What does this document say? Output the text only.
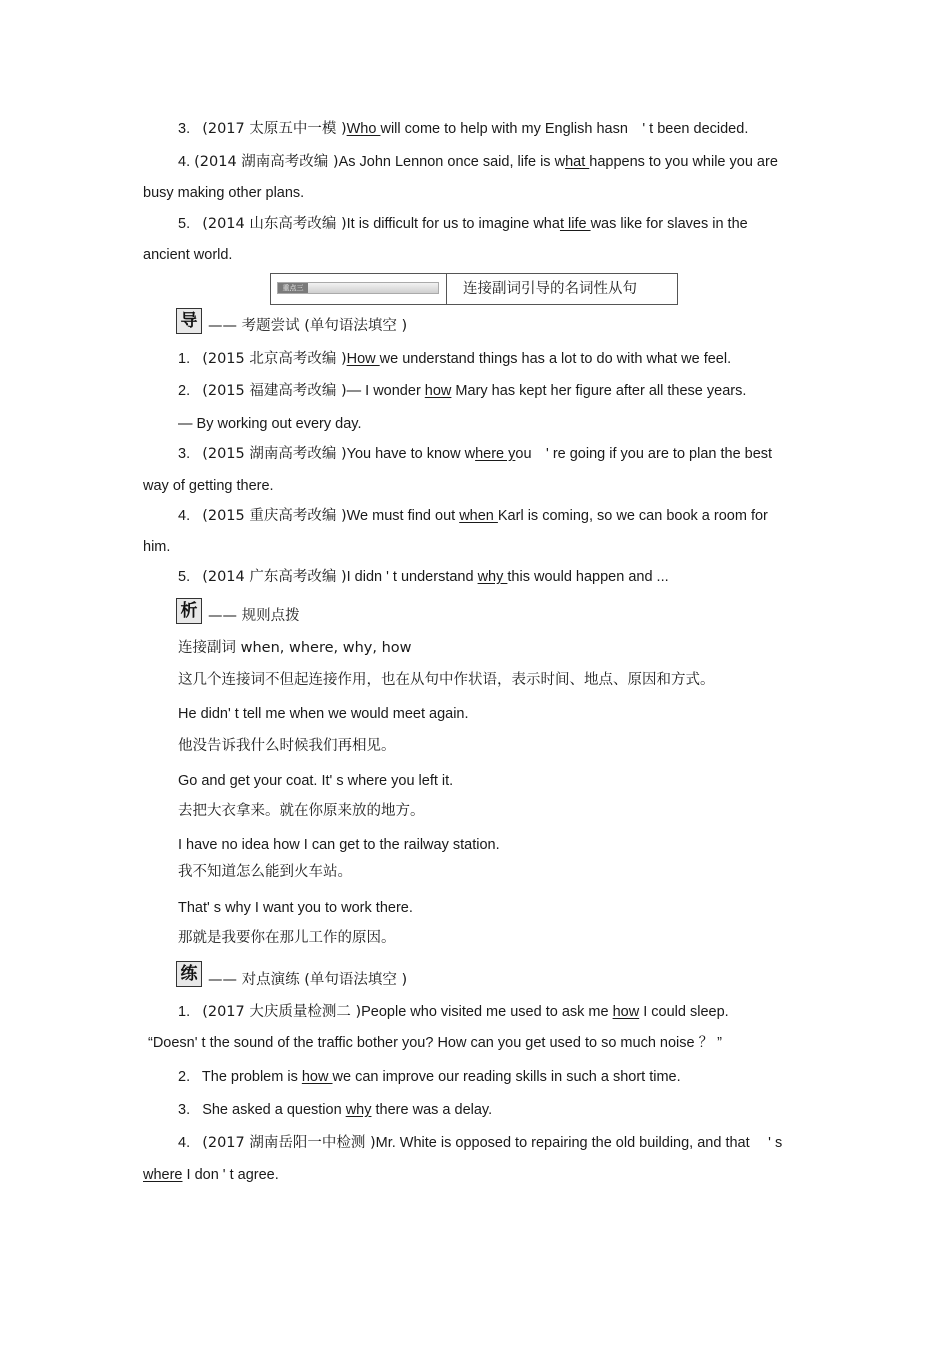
3. (2017 太原五中一模 )Who will come to help with my English hasn　' t been decided.
4. (2014 湖南高考改编 )As John Lennon once said, life is what happens to you while you are
busy making other plans.
5. (2014 山东高考改编 )It is difficult for us to imagine what life was like for slaves in the
ancient world.
重点三	连接副词引导的名词性从句
导 —— 考题尝试 (单句语法填空 )
1. (2015 北京高考改编 )How we understand things has a lot to do with what we feel.
2. (2015 福建高考改编 )— I wonder how Mary has kept her figure after all these years.
— By working out every day.
3. (2015 湖南高考改编 )You have to know where you　' re going if you are to plan the best
way of getting there.
4. (2015 重庆高考改编 )We must find out when Karl is coming, so we can book a room for
him.
5. (2014 广东高考改编 )I didn ' t understand why this would happen and ...
析 —— 规则点拨
连接副词 when, where, why, how
这几个连接词不但起连接作用，也在从句中作状语，表示时间、地点、原因和方式。
He didn' t tell me when we would meet again.
他没告诉我什么时候我们再相见。
Go and get your coat. It' s where you left it.
去把大衣拿来。就在你原来放的地方。
I have no idea how I can get to the railway station.
我不知道怎么能到火车站。
That' s why I want you to work there.
那就是我要你在那儿工作的原因。
练 —— 对点演练 (单句语法填空 )
1. (2017 大庆质量检测二 )People who visited me used to ask me how I could sleep.
“Doesn' t the sound of the traffic bother you? How can you get used to so much noise ？ ”
2. The problem is how we can improve our reading skills in such a short time.
3. She asked a question why there was a delay.
4. (2017 湖南岳阳一中检测 )Mr. White is opposed to repairing the old building, and that　 ' s
where I don ' t agree.
